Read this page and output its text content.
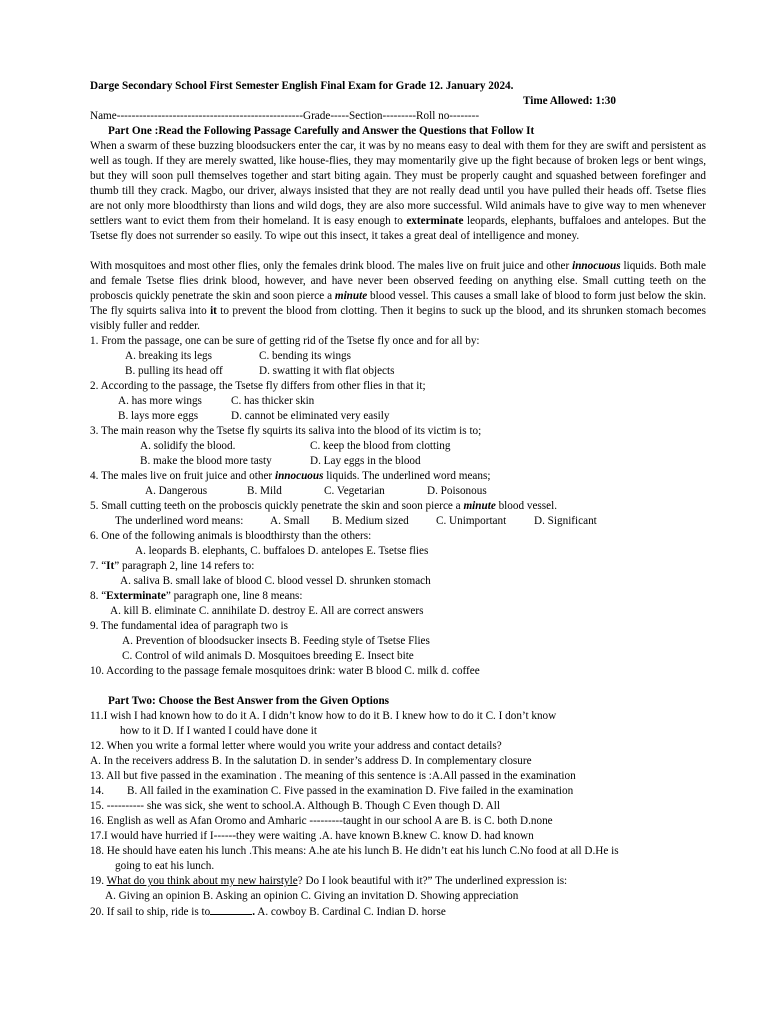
Darge Secondary School First Semester English Final Exam for Grade 12. January 2024.
Time Allowed: 1:30
Name--------------------------------------------------Grade-----Section---------Roll no--------
Part One :Read the Following Passage Carefully and Answer the Questions that Follow It
When a swarm of these buzzing bloodsuckers enter the car, it was by no means easy to deal with them for they are swift and persistent as well as tough. If they are merely swatted, like house-flies, they may momentarily give up the fight because of broken legs or bent wings, but they will soon pull themselves together and start biting again. They must be properly caught and squashed between forefinger and thumb till they crack. Magbo, our driver, always insisted that they are not really dead until you have pulled their heads off. Tsetse flies are not only more bloodthirsty than lions and wild dogs, they are also more successful. Wild animals have to give way to men whenever settlers want to evict them from their homeland. It is easy enough to exterminate leopards, elephants, buffaloes and antelopes. But the Tsetse fly does not surrender so easily. To wipe out this insect, it takes a great deal of intelligence and money.
With mosquitoes and most other flies, only the females drink blood. The males live on fruit juice and other innocuous liquids. Both male and female Tsetse flies drink blood, however, and have never been observed feeding on anything else. Small cutting teeth on the proboscis quickly penetrate the skin and soon pierce a minute blood vessel. This causes a small lake of blood to form just below the skin. The fly squirts saliva into it to prevent the blood from clotting. Then it begins to suck up the blood, and its shrunken stomach becomes visibly fuller and redder.
1. From the passage, one can be sure of getting rid of the Tsetse fly once and for all by:
A. breaking its legs	C. bending its wings
B. pulling its head off	D. swatting it with flat objects
2. According to the passage, the Tsetse fly differs from other flies in that it;
A. has more wings	C. has thicker skin
B. lays more eggs	D. cannot be eliminated very easily
3. The main reason why the Tsetse fly squirts its saliva into the blood of its victim is to;
A. solidify the blood.	C. keep the blood from clotting
B. make the blood more tasty	D. Lay eggs in the blood
4. The males live on fruit juice and other innocuous liquids. The underlined word means;
A. Dangerous	B. Mild	C. Vegetarian	D. Poisonous
5. Small cutting teeth on the proboscis quickly penetrate the skin and soon pierce a minute blood vessel.
The underlined word means: A. Small B. Medium sized C. Unimportant D. Significant
6. One of the following animals is bloodthirsty than the others:
A. leopards B. elephants, C. buffaloes D. antelopes E. Tsetse flies
7. “It” paragraph 2, line 14 refers to:
A. saliva B. small lake of blood C. blood vessel D. shrunken stomach
8. “Exterminate” paragraph one, line 8 means:
A. kill B. eliminate C. annihilate D. destroy E. All are correct answers
9. The fundamental idea of paragraph two is
A. Prevention of bloodsucker insects B. Feeding style of Tsetse Flies
C. Control of wild animals D. Mosquitoes breeding E. Insect bite
10. According to the passage female mosquitoes drink: water B blood C. milk d. coffee
Part Two: Choose the Best Answer from the Given Options
11.I wish I had known how to do it A. I didn’t know how to do it B. I knew how to do it C. I don’t know
how to it D. If I wanted I could have done it
12. When you write a formal letter where would you write your address and contact details?
A. In the receivers address B. In the salutation D. in sender’s address D. In complementary closure
13. All but five passed in the examination . The meaning of this sentence is :A.All passed in the examination
14. B. All failed in the examination C. Five passed in the examination D. Five failed in the examination
15. ---------- she was sick, she went to school.A. Although B. Though C Even though D. All
16. English as well as Afan Oromo and Amharic ---------taught in our school A are B. is C. both D.none
17.I would have hurried if I------they were waiting .A. have known B.knew C. know D. had known
18. He should have eaten his lunch .This means: A.he ate his lunch B. He didn’t eat his lunch C.No food at all D.He is
going to eat his lunch.
19. What do you think about my new hairstyle? Do I look beautiful with it?” The underlined expression is:
A. Giving an opinion B. Asking an opinion C. Giving an invitation D. Showing appreciation
20. If sail to ship, ride is to	. A. cowboy B. Cardinal C. Indian D. horse
